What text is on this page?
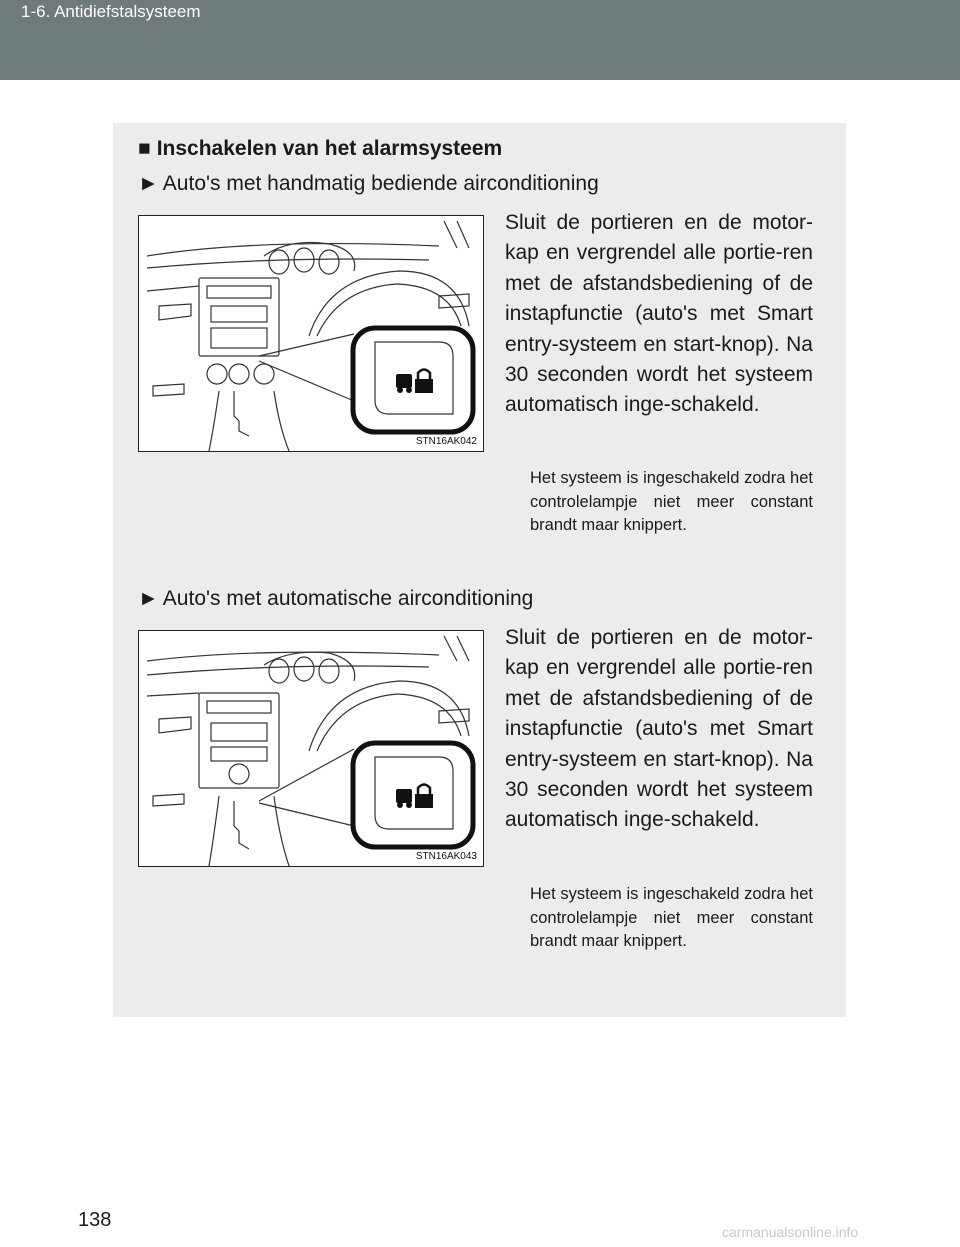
1-6. Antidiefstalsysteem
■ Inschakelen van het alarmsysteem
► Auto's met handmatig bediende airconditioning
STN16AK042
Sluit de portieren en de motor-kap en vergrendel alle portie-ren met de afstandsbediening of de instapfunctie (auto's met Smart entry-systeem en start-knop). Na 30 seconden wordt het systeem automatisch inge-schakeld.
Het systeem is ingeschakeld zodra het controlelampje niet meer constant brandt maar knippert.
► Auto's met automatische airconditioning
STN16AK043
Sluit de portieren en de motor-kap en vergrendel alle portie-ren met de afstandsbediening of de instapfunctie (auto's met Smart entry-systeem en start-knop). Na 30 seconden wordt het systeem automatisch inge-schakeld.
Het systeem is ingeschakeld zodra het controlelampje niet meer constant brandt maar knippert.
138
carmanualsonline.info
